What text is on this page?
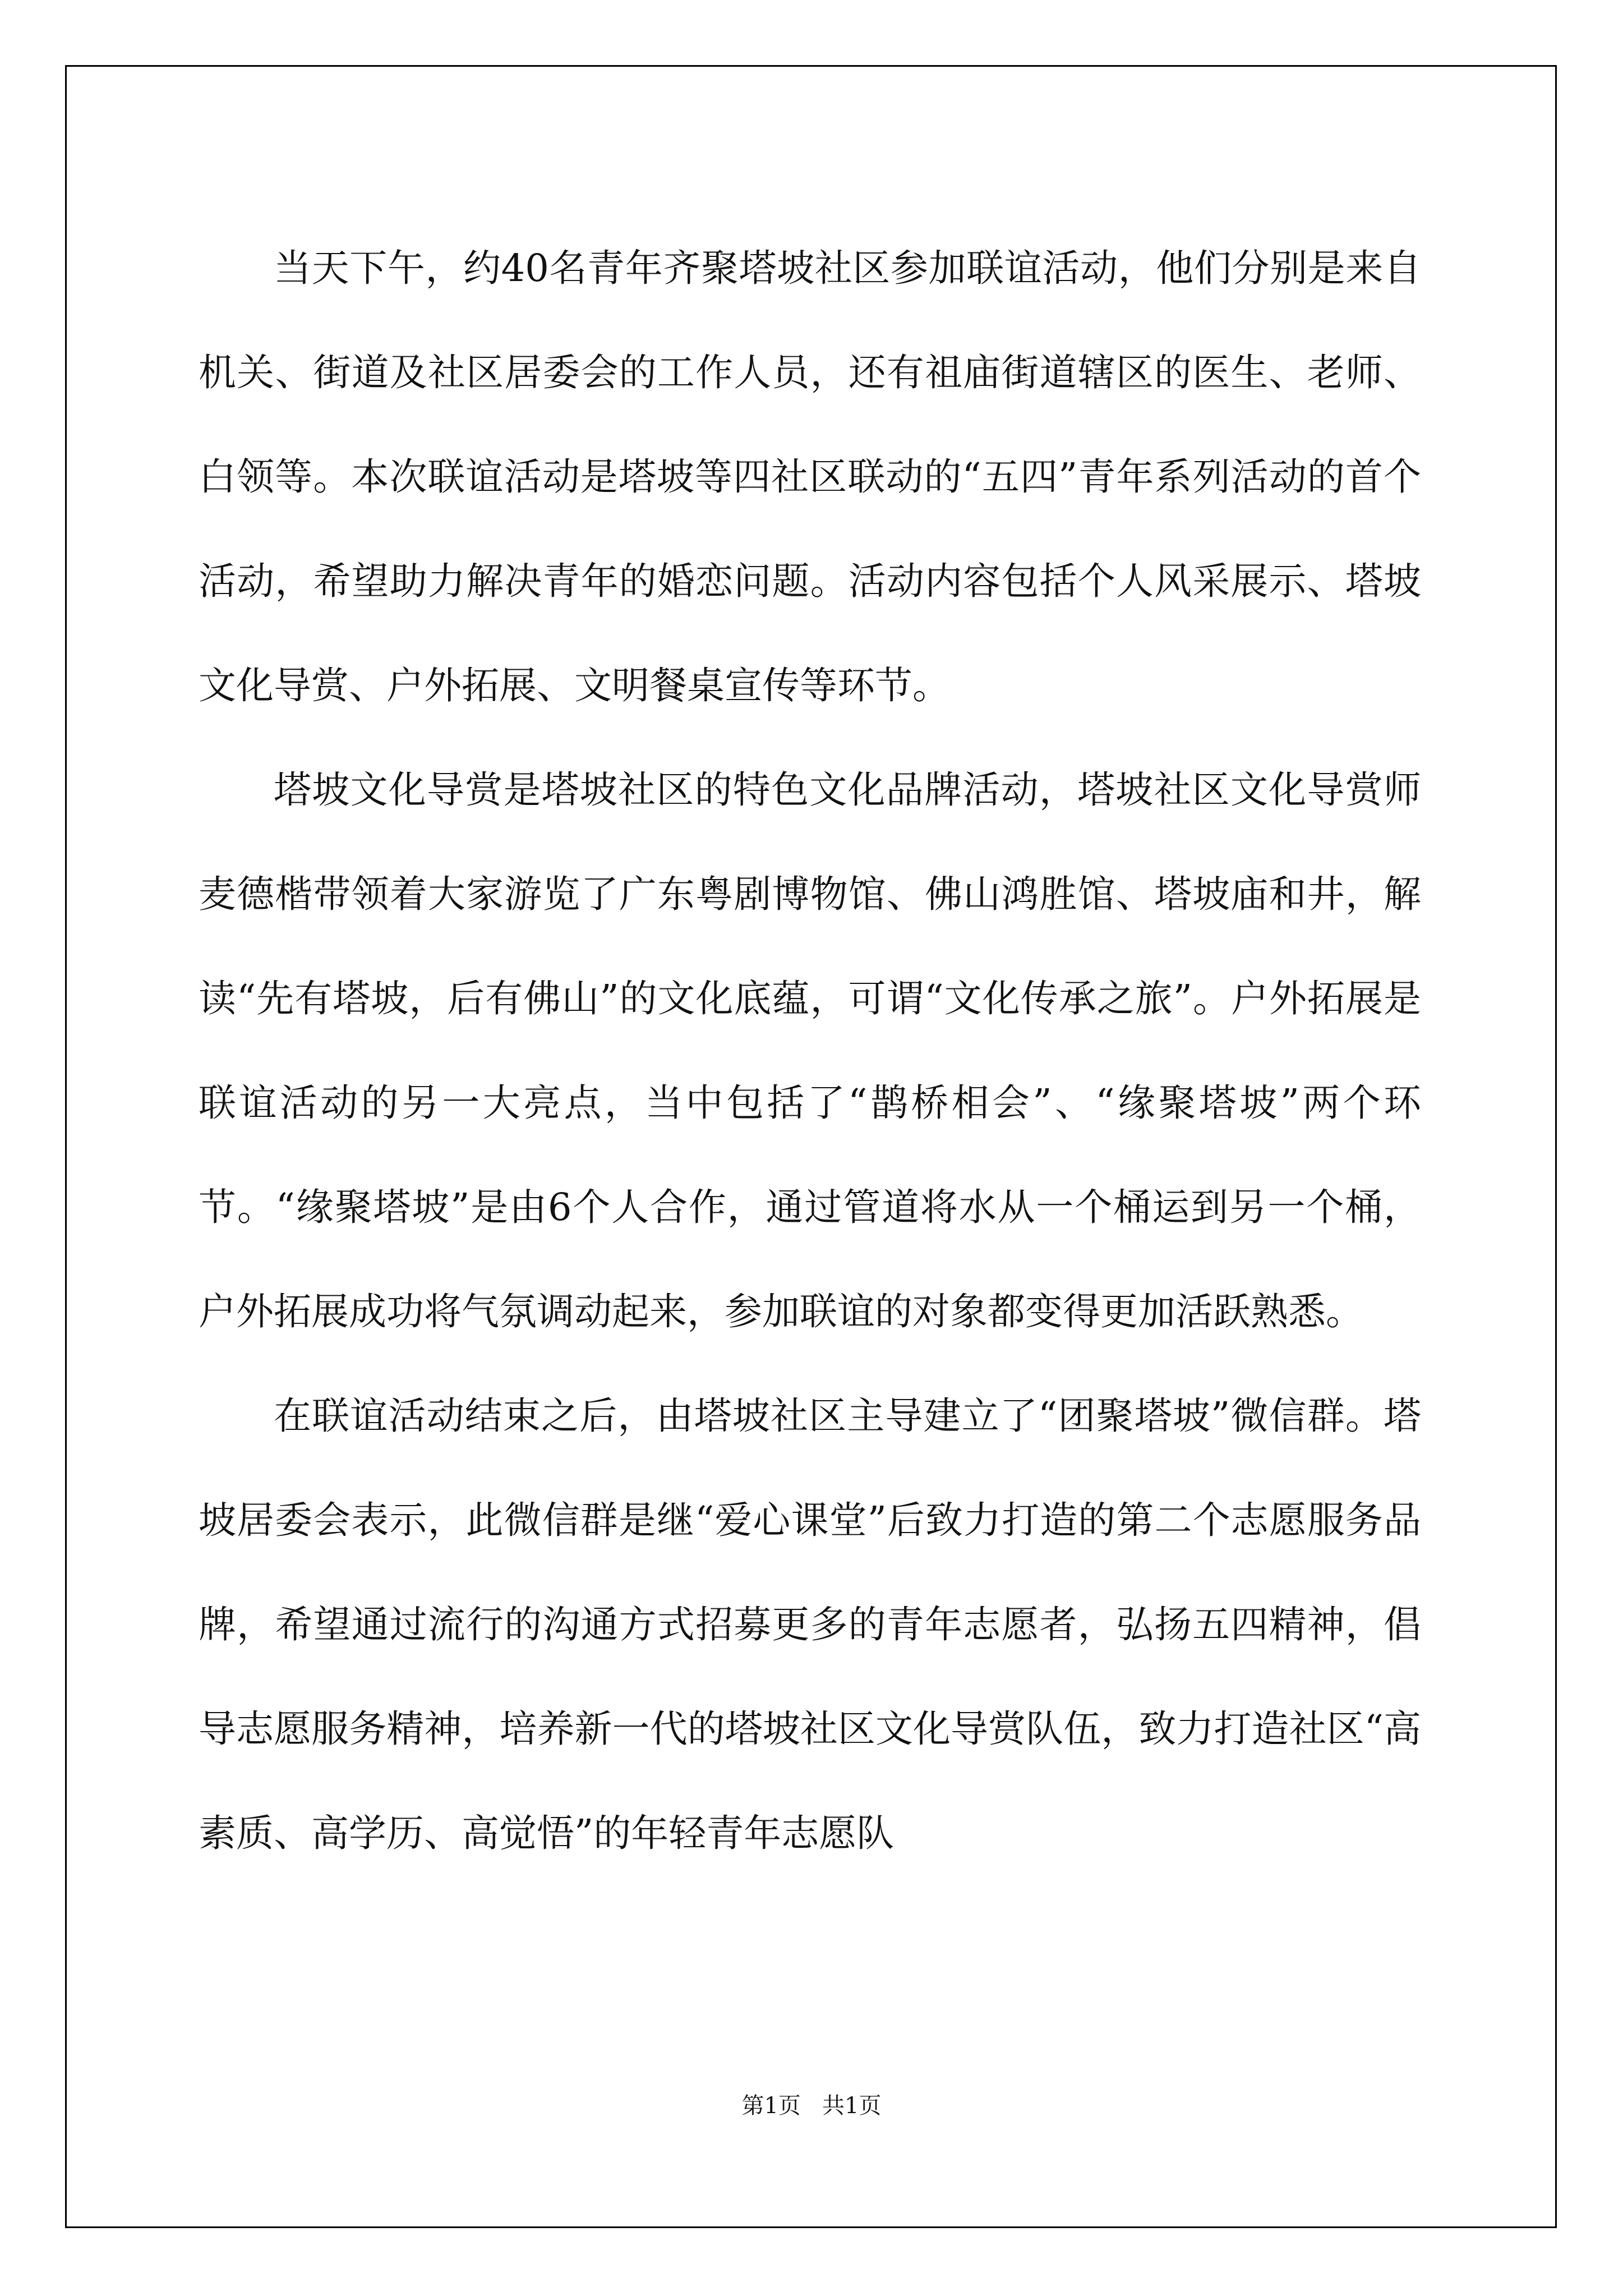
当天下午，约40名青年齐聚塔坡社区参加联谊活动，他们分别是来自机关、街道及社区居委会的工作人员，还有祖庙街道辖区的医生、老师、白领等。本次联谊活动是塔坡等四社区联动的“五四”青年系列活动的首个活动，希望助力解决青年的婚恋问题。活动内容包括个人风采展示、塔坡文化导赏、户外拓展、文明餐桌宣传等环节。

塔坡文化导赏是塔坡社区的特色文化品牌活动，塔坡社区文化导赏师麦德楷带领着大家游览了广东粤剧博物馆、佛山鸿胜馆、塔坡庙和井，解读“先有塔坡，后有佛山”的文化底蕴，可谓“文化传承之旅”。户外拓展是联谊活动的另一大亮点，当中包括了“鹊桥相会”、“缘聚塔坡”两个环节。“缘聚塔坡”是由6个人合作，通过管道将水从一个桶运到另一个桶，户外拓展成功将气氛调动起来，参加联谊的对象都变得更加活跃熟悉。

在联谊活动结束之后，由塔坡社区主导建立了“团聚塔坡”微信群。塔坡居委会表示，此微信群是继“爱心课堂”后致力打造的第二个志愿服务品牌，希望通过流行的沟通方式招募更多的青年志愿者，弘扬五四精神，倡导志愿服务精神，培养新一代的塔坡社区文化导赏队伍，致力打造社区“高素质、高学历、高觉悟”的年轻青年志愿队

第1页   共1页
